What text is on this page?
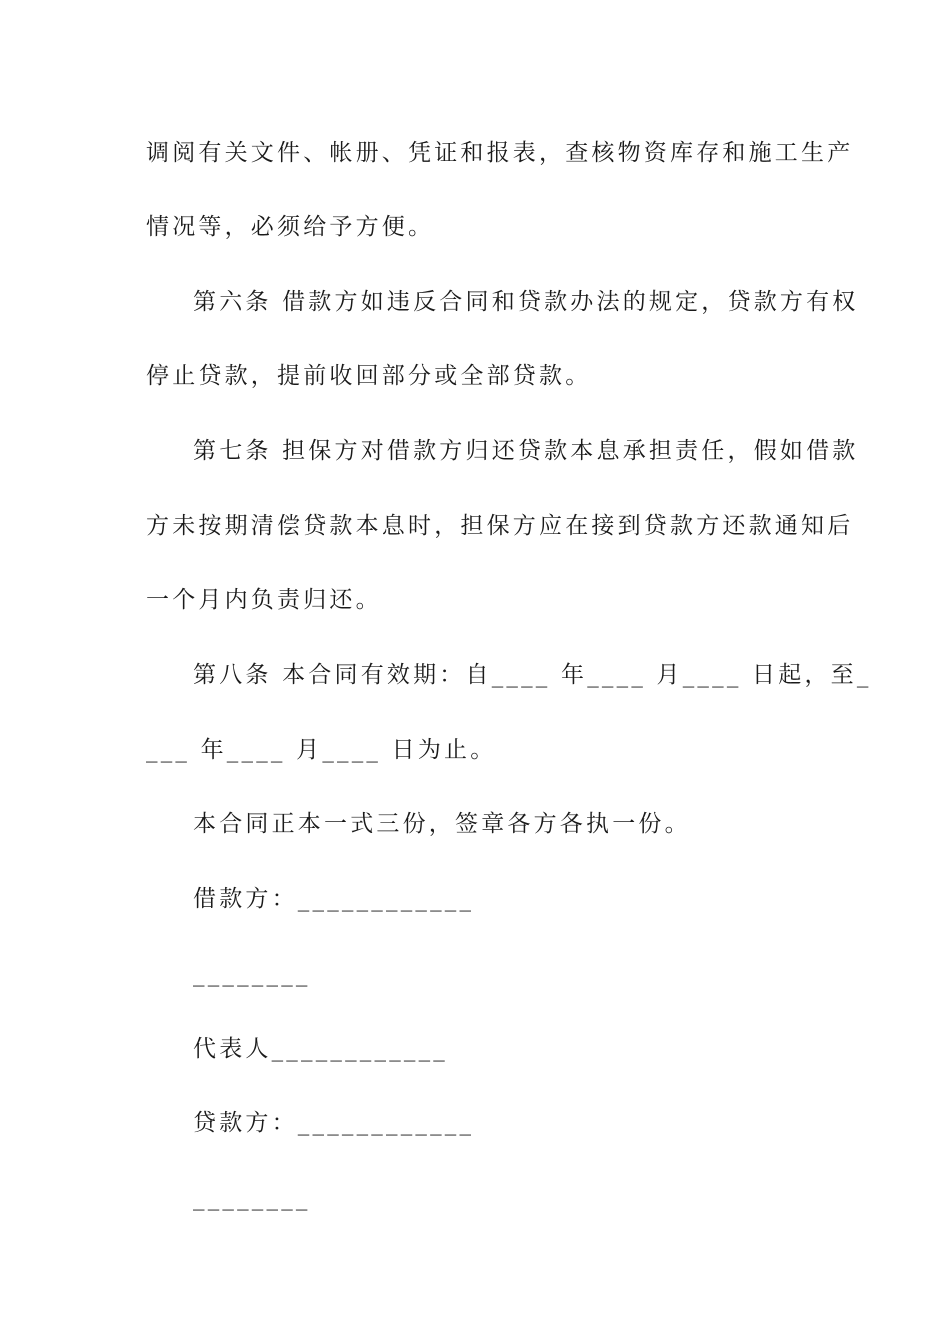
调阅有关文件、帐册、凭证和报表，查核物资库存和施工生产
情况等，必须给予方便。
第六条 借款方如违反合同和贷款办法的规定，贷款方有权
停止贷款，提前收回部分或全部贷款。
第七条 担保方对借款方归还贷款本息承担责任，假如借款
方未按期清偿贷款本息时，担保方应在接到贷款方还款通知后
一个月内负责归还。
第八条 本合同有效期：自____ 年____ 月____ 日起，至_
___ 年____ 月____ 日为止。
本合同正本一式三份，签章各方各执一份。
借款方：____________
________
代表人____________
贷款方：____________
________
